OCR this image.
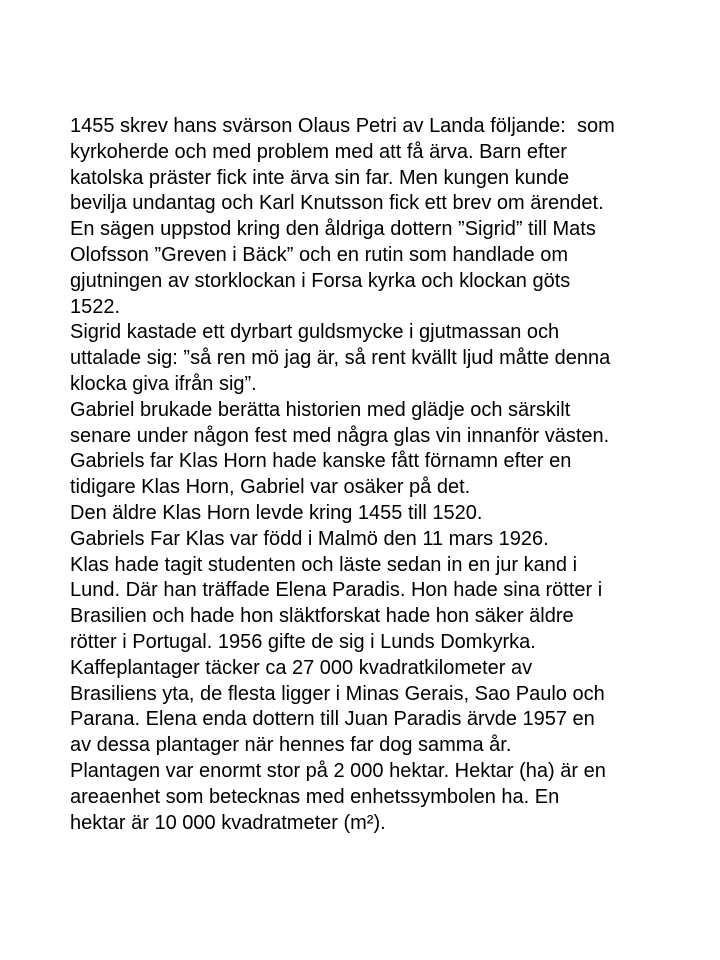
1455 skrev hans svärson Olaus Petri av Landa följande:  som
kyrkoherde och med problem med att få ärva. Barn efter
katolska präster fick inte ärva sin far. Men kungen kunde
bevilja undantag och Karl Knutsson fick ett brev om ärendet.
En sägen uppstod kring den åldriga dottern ”Sigrid” till Mats
Olofsson ”Greven i Bäck” och en rutin som handlade om
gjutningen av storklockan i Forsa kyrka och klockan göts
1522.
Sigrid kastade ett dyrbart guldsmycke i gjutmassan och
uttalade sig: ”så ren mö jag är, så rent kvällt ljud måtte denna
klocka giva ifrån sig”.
Gabriel brukade berätta historien med glädje och särskilt
senare under någon fest med några glas vin innanför västen.
Gabriels far Klas Horn hade kanske fått förnamn efter en
tidigare Klas Horn, Gabriel var osäker på det.
Den äldre Klas Horn levde kring 1455 till 1520.
Gabriels Far Klas var född i Malmö den 11 mars 1926.
Klas hade tagit studenten och läste sedan in en jur kand i
Lund. Där han träffade Elena Paradis. Hon hade sina rötter i
Brasilien och hade hon släktforskat hade hon säker äldre
rötter i Portugal. 1956 gifte de sig i Lunds Domkyrka.
Kaffeplantager täcker ca 27 000 kvadratkilometer av
Brasiliens yta, de flesta ligger i Minas Gerais, Sao Paulo och
Parana. Elena enda dottern till Juan Paradis ärvde 1957 en
av dessa plantager när hennes far dog samma år.
Plantagen var enormt stor på 2 000 hektar. Hektar (ha) är en
areaenhet som betecknas med enhetssymbolen ha. En
hektar är 10 000 kvadratmeter (m²).
